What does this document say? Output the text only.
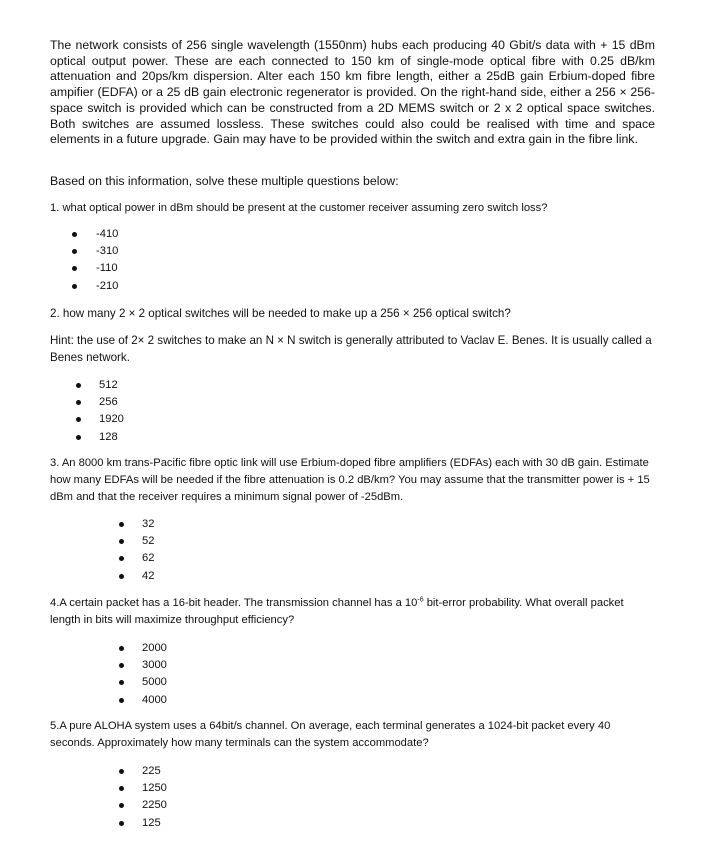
The network consists of 256 single wavelength (1550nm) hubs each producing 40 Gbit/s data with + 15 dBm optical output power. These are each connected to 150 km of single-mode optical fibre with 0.25 dB/km attenuation and 20ps/km dispersion. Alter each 150 km fibre length, either a 25dB gain Erbium-doped fibre ampifier (EDFA) or a 25 dB gain electronic regenerator is provided. On the right-hand side, either a 256 × 256- space switch is provided which can be constructed from a 2D MEMS switch or 2 x 2 optical space switches. Both switches are assumed lossless. These switches could also could be realised with time and space elements in a future upgrade. Gain may have to be provided within the switch and extra gain in the fibre link.

Based on this information, solve these multiple questions below:

1. what optical power in dBm should be present at the customer receiver assuming zero switch loss?

-410
-310
-110
-210

2. how many 2 × 2 optical switches will be needed to make up a 256 × 256 optical switch?

Hint: the use of 2× 2 switches to make an N × N switch is generally attributed to Vaclav E. Benes. It is usually called a Benes network.

512
256
1920
128

3. An 8000 km trans-Pacific fibre optic link will use Erbium-doped fibre amplifiers (EDFAs) each with 30 dB gain. Estimate how many EDFAs will be needed if the fibre attenuation is 0.2 dB/km? You may assume that the transmitter power is + 15 dBm and that the receiver requires a minimum signal power of -25dBm.

32
52
62
42

4.A certain packet has a 16-bit header. The transmission channel has a $10^{-6}$ bit-error probability. What overall packet length in bits will maximize throughput efficiency?

2000
3000
5000
4000

5.A pure ALOHA system uses a 64bit/s channel. On average, each terminal generates a 1024-bit packet every 40 seconds. Approximately how many terminals can the system accommodate?

225
1250
2250
125
